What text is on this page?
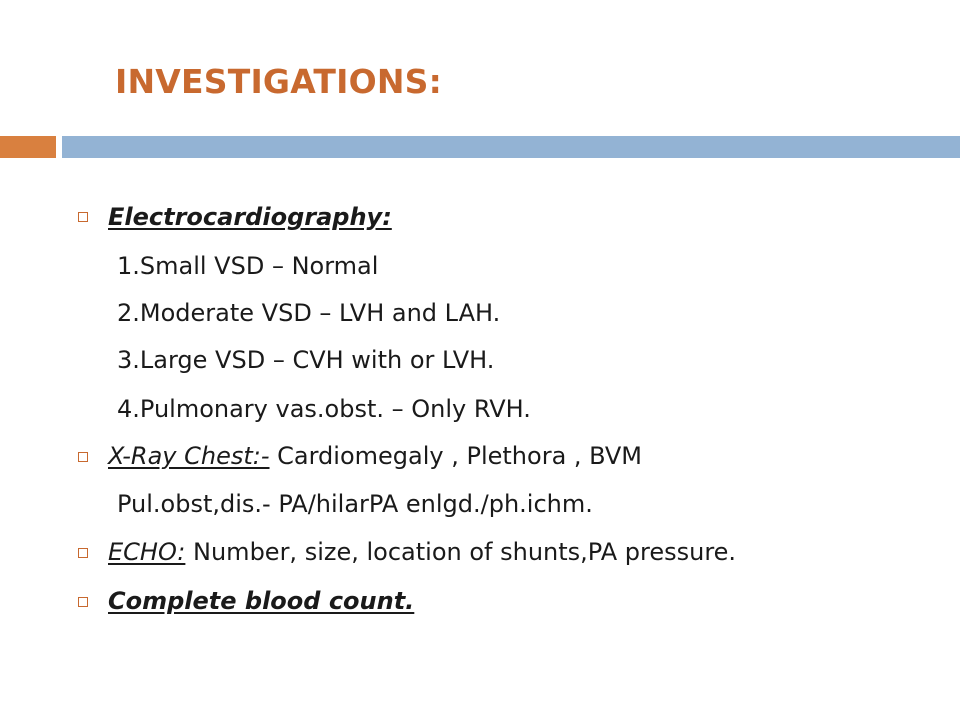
INVESTIGATIONS:
Electrocardiography:
1.Small VSD – Normal
2.Moderate VSD – LVH and LAH.
3.Large VSD – CVH with or LVH.
4.Pulmonary vas.obst. – Only RVH.
X-Ray Chest:- Cardiomegaly , Plethora , BVM
Pul.obst,dis.- PA/hilarPA enlgd./ph.ichm.
ECHO: Number, size, location of shunts,PA pressure.
Complete blood count.
